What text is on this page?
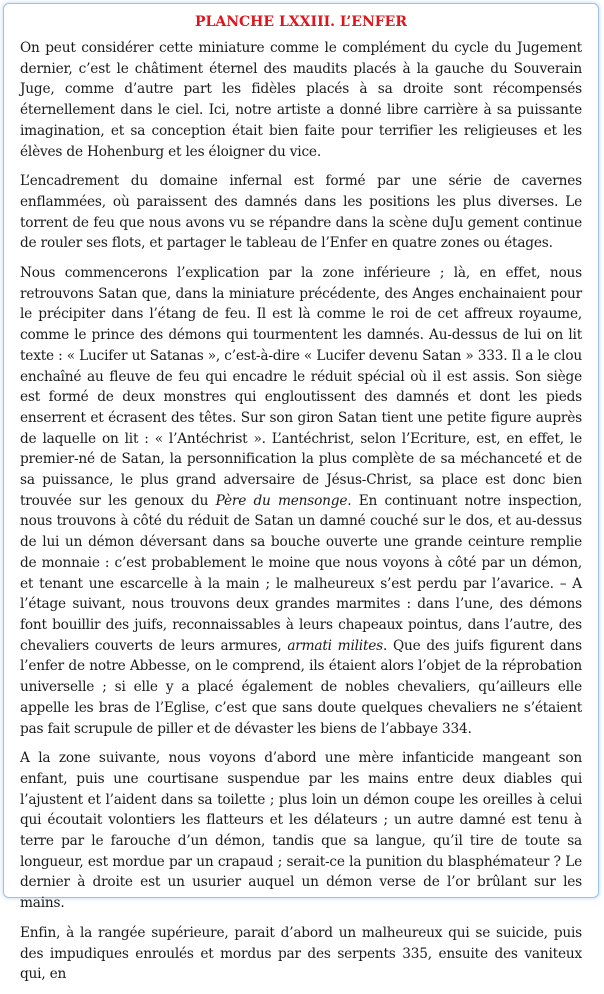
PLANCHE LXXIII. L’ENFER

On peut considérer cette miniature comme le complément du cycle du Jugement dernier, c’est le châtiment éternel des maudits placés à la gauche du Souverain Juge, comme d’autre part les fidèles placés à sa droite sont récompensés éternellement dans le ciel. Ici, notre artiste a donné libre carrière à sa puissante imagination, et sa conception était bien faite pour terrifier les religieuses et les élèves de Hohenburg et les éloigner du vice.

L’encadrement du domaine infernal est formé par une série de cavernes enflammées, où paraissent des damnés dans les positions les plus diverses. Le torrent de feu que nous avons vu se répandre dans la scène duJu gement continue de rouler ses flots, et partager le tableau de l’Enfer en quatre zones ou étages.

Nous commencerons l’explication par la zone inférieure ; là, en effet, nous retrouvons Satan que, dans la miniature précédente, des Anges enchainaient pour le précipiter dans l’étang de feu. Il est là comme le roi de cet affreux royaume, comme le prince des démons qui tourmentent les damnés. Au-dessus de lui on lit texte : « Lucifer ut Satanas », c’est-à-dire « Lucifer devenu Satan » 333. Il a le clou enchaîné au fleuve de feu qui encadre le réduit spécial où il est assis. Son siège est formé de deux monstres qui engloutissent des damnés et dont les pieds enserrent et écrasent des têtes. Sur son giron Satan tient une petite figure auprès de laquelle on lit : « l’Antéchrist ». L’antéchrist, selon l’Ecriture, est, en effet, le premier-né de Satan, la personnification la plus complète de sa méchanceté et de sa puissance, le plus grand adversaire de Jésus-Christ, sa place est donc bien trouvée sur les genoux du Père du mensonge. En continuant notre inspection, nous trouvons à côté du réduit de Satan un damné couché sur le dos, et au-dessus de lui un démon déversant dans sa bouche ouverte une grande ceinture remplie de monnaie : c’est probablement le moine que nous voyons à côté par un démon, et tenant une escarcelle à la main ; le malheureux s’est perdu par l’avarice. – A l’étage suivant, nous trouvons deux grandes marmites : dans l’une, des démons font bouillir des juifs, reconnaissables à leurs chapeaux pointus, dans l’autre, des chevaliers couverts de leurs armures, armati milites. Que des juifs figurent dans l’enfer de notre Abbesse, on le comprend, ils étaient alors l’objet de la réprobation universelle ; si elle y a placé également de nobles chevaliers, qu’ailleurs elle appelle les bras de l’Eglise, c’est que sans doute quelques chevaliers ne s’étaient pas fait scrupule de piller et de dévaster les biens de l’abbaye 334.

A la zone suivante, nous voyons d’abord une mère infanticide mangeant son enfant, puis une courtisane suspendue par les mains entre deux diables qui l’ajustent et l’aident dans sa toilette ; plus loin un démon coupe les oreilles à celui qui écoutait volontiers les flatteurs et les délateurs ; un autre damné est tenu à terre par le farouche d’un démon, tandis que sa langue, qu’il tire de toute sa longueur, est mordue par un crapaud ; serait-ce la punition du blasphémateur ? Le dernier à droite est un usurier auquel un démon verse de l’or brûlant sur les mains.

Enfin, à la rangée supérieure, parait d’abord un malheureux qui se suicide, puis des impudiques enroulés et mordus par des serpents 335, ensuite des vaniteux qui, en
